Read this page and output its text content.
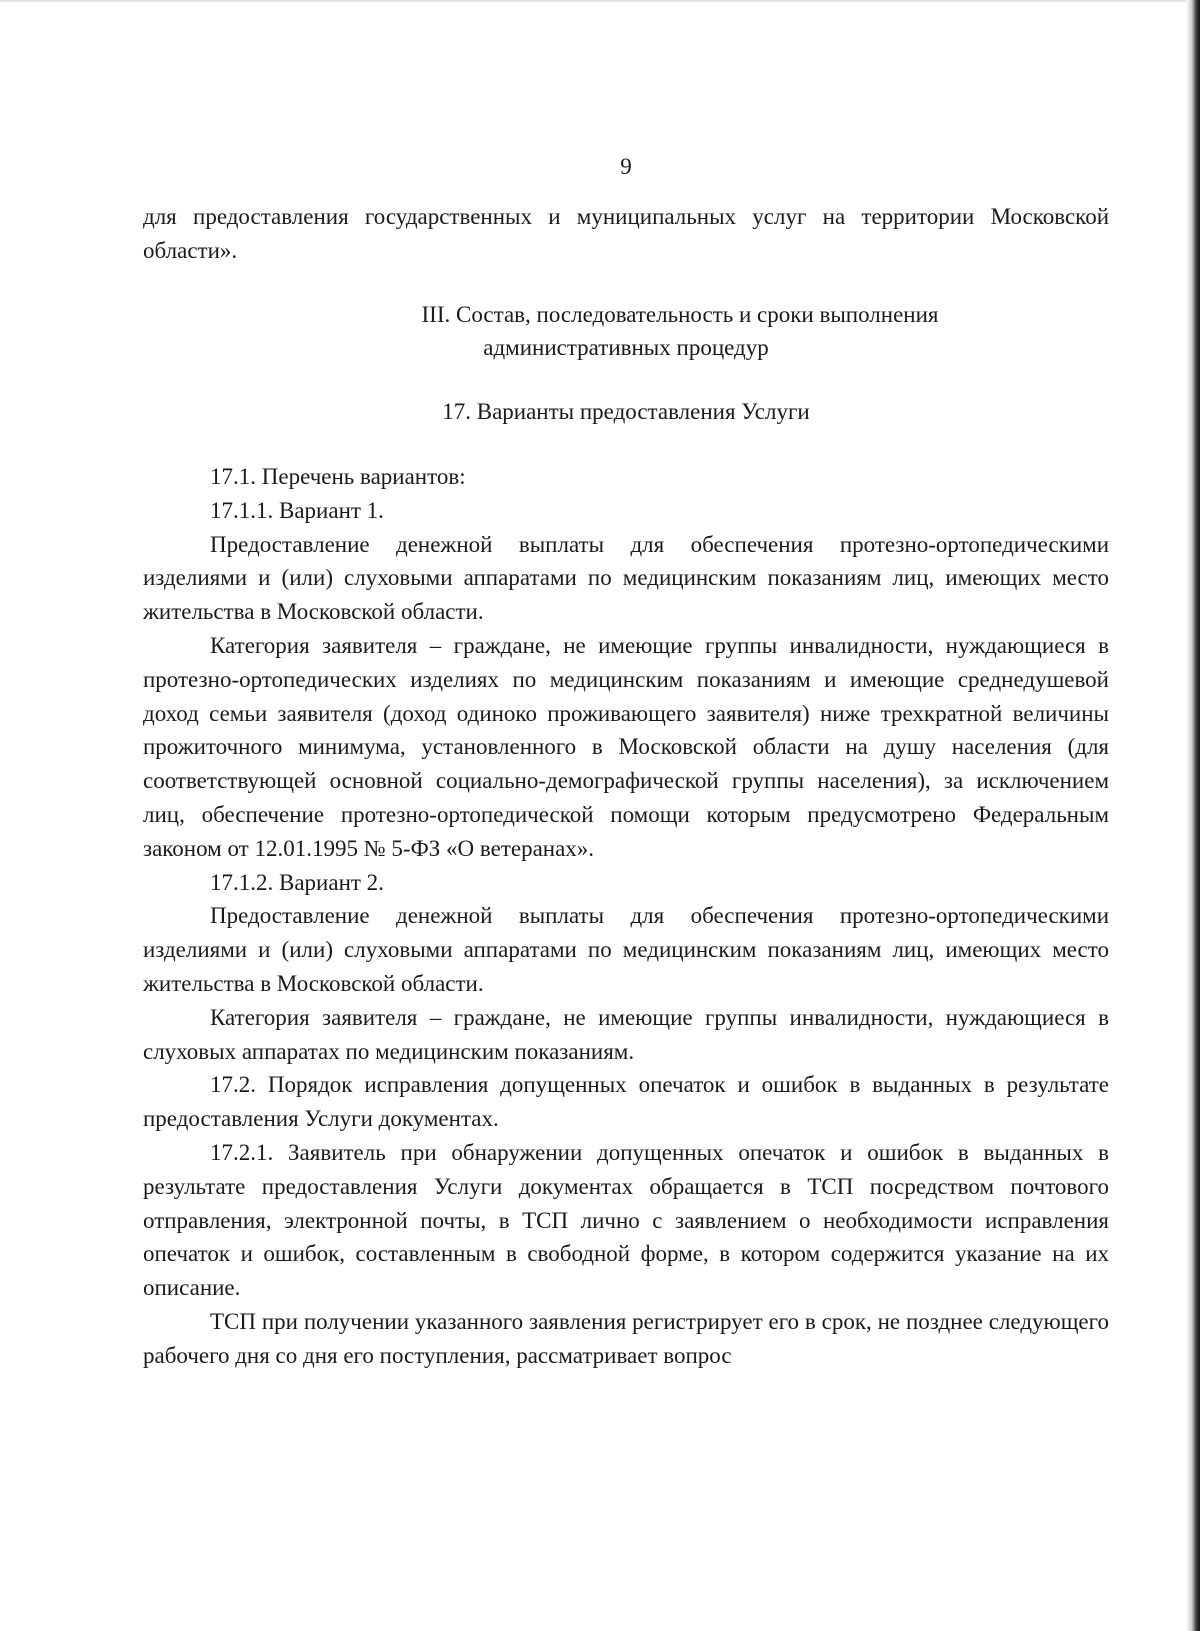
9

для предоставления государственных и муниципальных услуг на территории Московской области».

III. Состав, последовательность и сроки выполнения
административных процедур
17. Варианты предоставления Услуги

17.1. Перечень вариантов:

17.1.1. Вариант 1.

Предоставление денежной выплаты для обеспечения протезно-ортопедическими изделиями и (или) слуховыми аппаратами по медицинским показаниям лиц, имеющих место жительства в Московской области.

Категория заявителя – граждане, не имеющие группы инвалидности, нуждающиеся в протезно-ортопедических изделиях по медицинским показаниям и имеющие среднедушевой доход семьи заявителя (доход одиноко проживающего заявителя) ниже трехкратной величины прожиточного минимума, установленного в Московской области на душу населения (для соответствующей основной социально-демографической группы населения), за исключением лиц, обеспечение протезно-ортопедической помощи которым предусмотрено Федеральным законом от 12.01.1995 № 5-ФЗ «О ветеранах».

17.1.2. Вариант 2.

Предоставление денежной выплаты для обеспечения протезно-ортопедическими изделиями и (или) слуховыми аппаратами по медицинским показаниям лиц, имеющих место жительства в Московской области.

Категория заявителя – граждане, не имеющие группы инвалидности, нуждающиеся в слуховых аппаратах по медицинским показаниям.

17.2. Порядок исправления допущенных опечаток и ошибок в выданных в результате предоставления Услуги документах.

17.2.1. Заявитель при обнаружении допущенных опечаток и ошибок в выданных в результате предоставления Услуги документах обращается в ТСП посредством почтового отправления, электронной почты, в ТСП лично с заявлением о необходимости исправления опечаток и ошибок, составленным в свободной форме, в котором содержится указание на их описание.

ТСП при получении указанного заявления регистрирует его в срок, не позднее следующего рабочего дня со дня его поступления, рассматривает вопрос
